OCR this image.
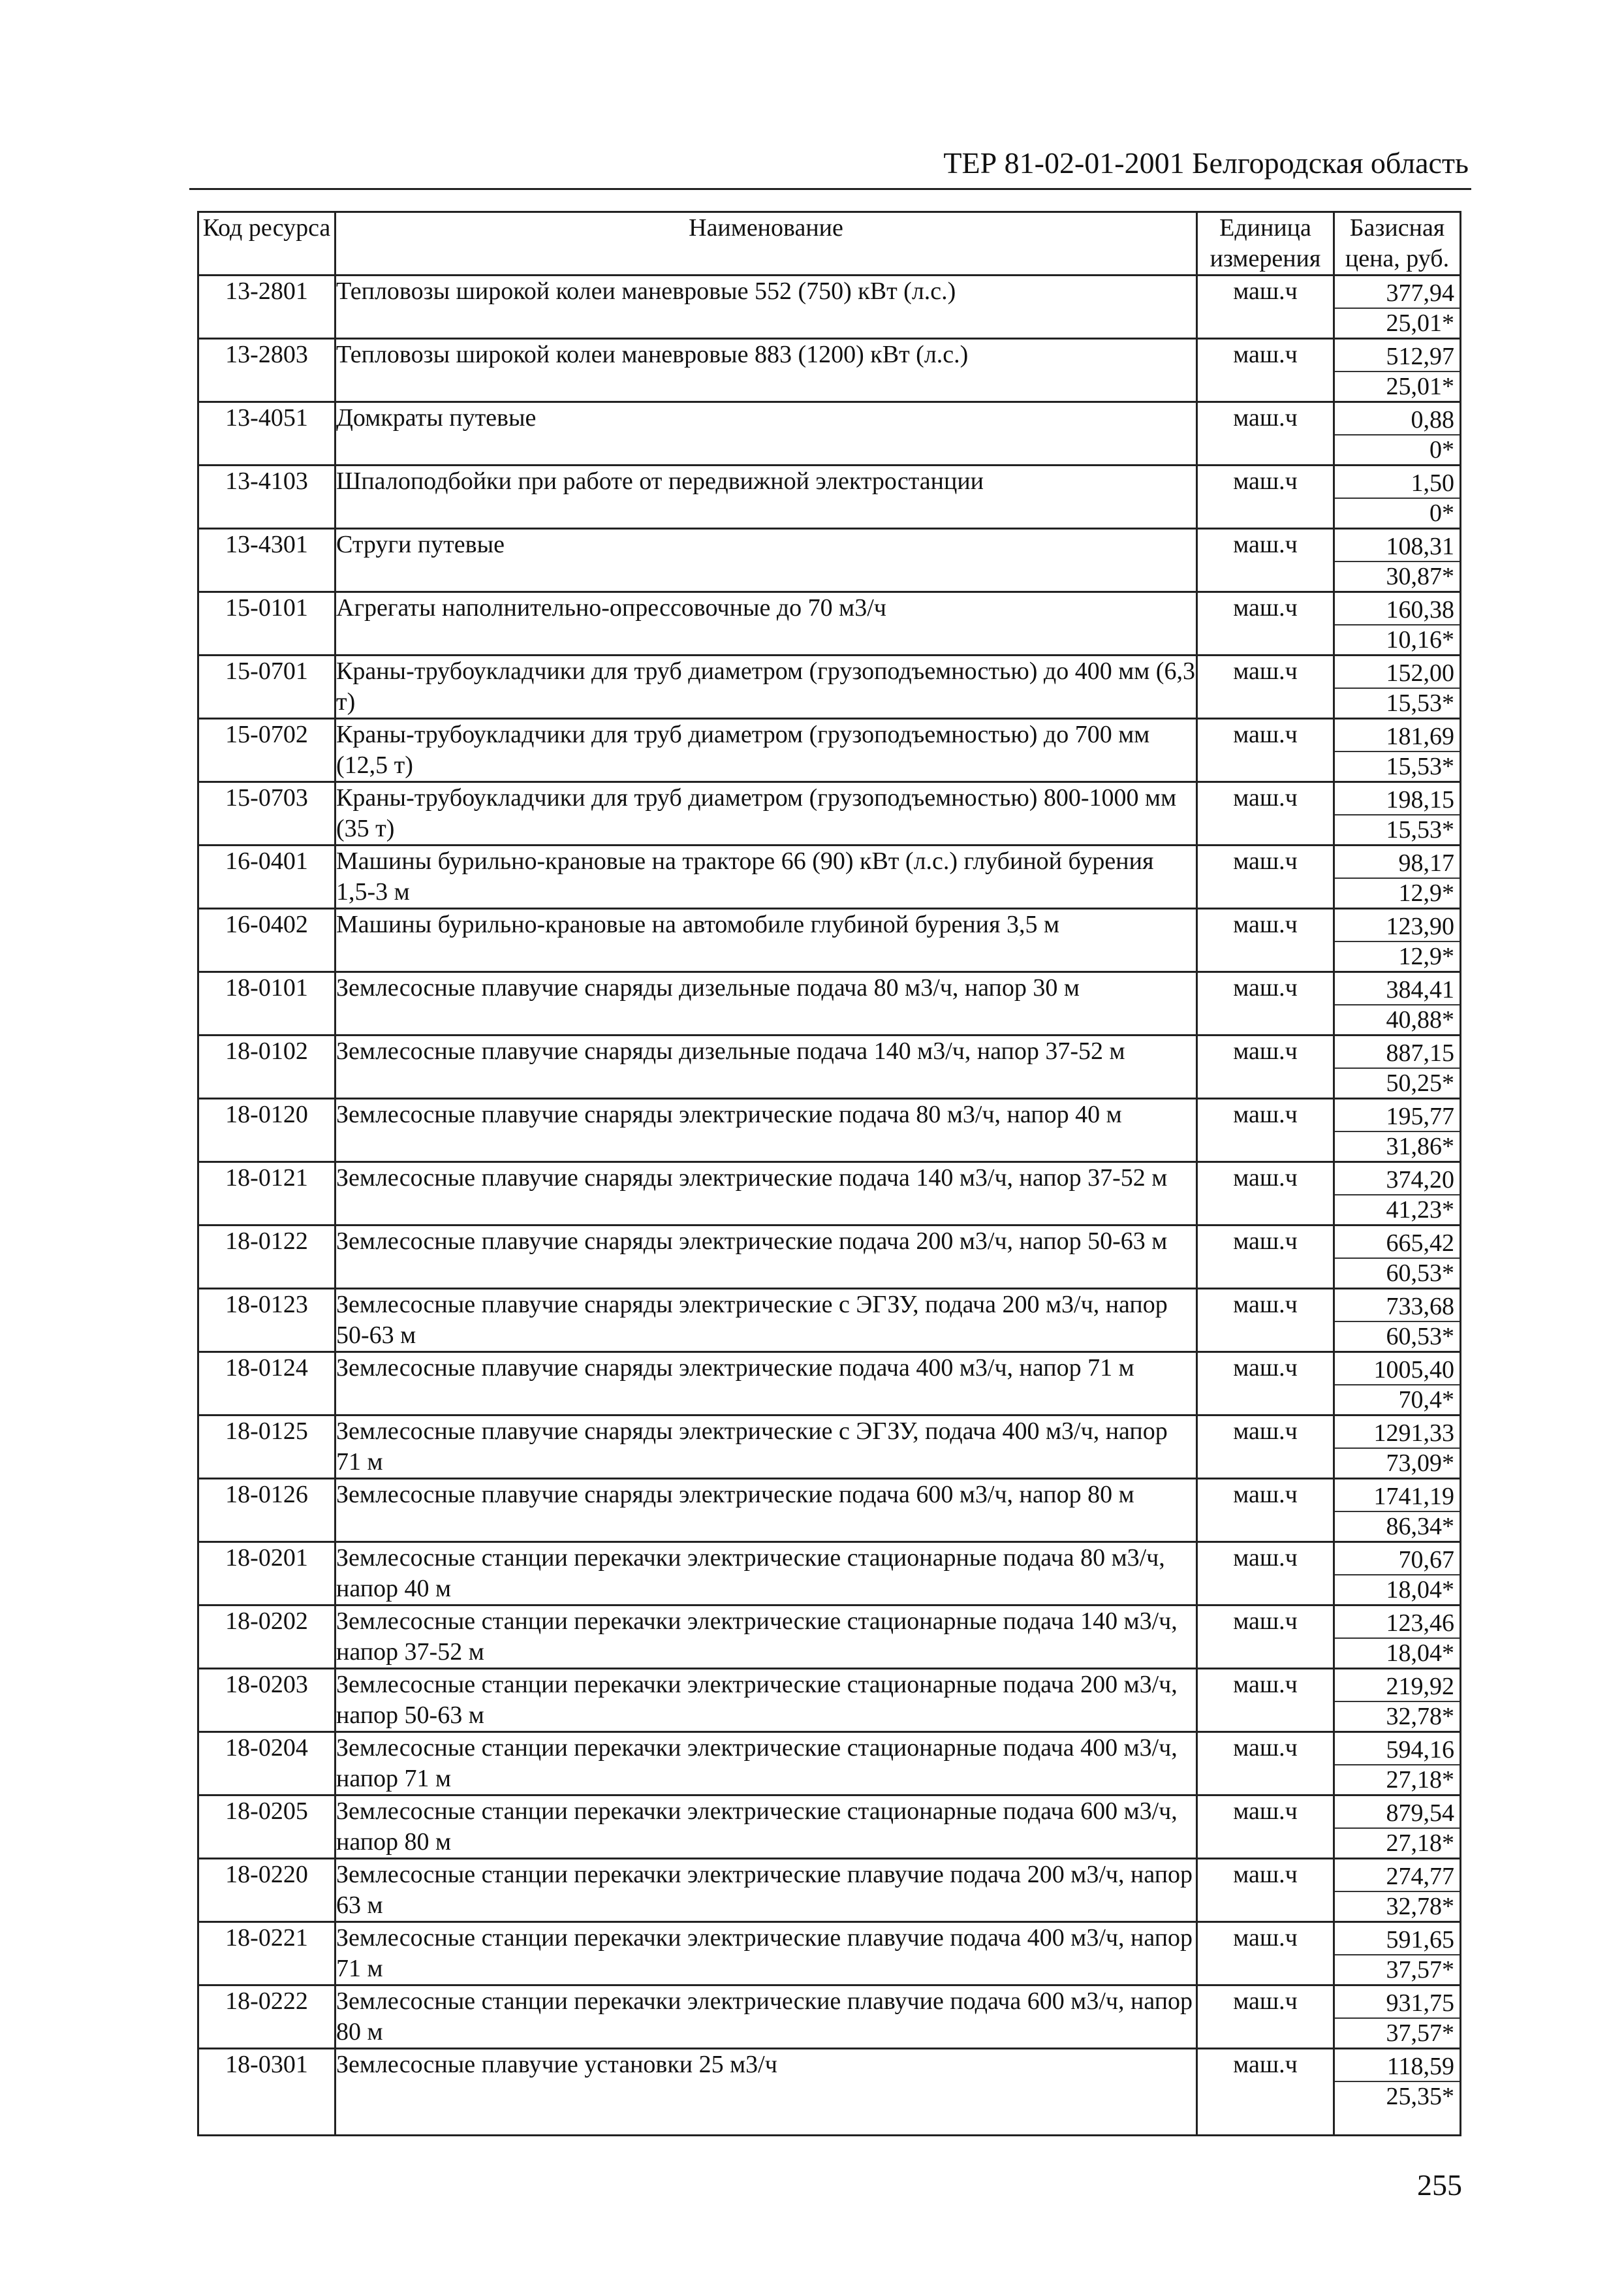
ТЕР 81-02-01-2001 Белгородская область
Код ресурса	Наименование	Единица измерения	Базисная цена, руб.
13-2801	Тепловозы широкой колеи маневровые 552 (750) кВт (л.с.)	маш.ч	377,94
25,01*

13-2803	Тепловозы широкой колеи маневровые 883 (1200) кВт (л.с.)	маш.ч	512,97
25,01*

13-4051	Домкраты путевые	маш.ч	0,88
0*

13-4103	Шпалоподбойки при работе от передвижной электростанции	маш.ч	1,50
0*

13-4301	Струги путевые	маш.ч	108,31
30,87*

15-0101	Агрегаты наполнительно-опрессовочные до 70 м3/ч	маш.ч	160,38
10,16*

15-0701	Краны-трубоукладчики для труб диаметром (грузоподъемностью) до 400 мм (6,3 т)	маш.ч	152,00
15,53*

15-0702	Краны-трубоукладчики для труб диаметром (грузоподъемностью) до 700 мм (12,5 т)	маш.ч	181,69
15,53*

15-0703	Краны-трубоукладчики для труб диаметром (грузоподъемностью) 800-1000 мм (35 т)	маш.ч	198,15
15,53*

16-0401	Машины бурильно-крановые на тракторе 66 (90) кВт (л.с.) глубиной бурения 1,5-3 м	маш.ч	98,17
12,9*

16-0402	Машины бурильно-крановые на автомобиле глубиной бурения 3,5 м	маш.ч	123,90
12,9*

18-0101	Землесосные плавучие снаряды дизельные подача 80 м3/ч, напор 30 м	маш.ч	384,41
40,88*

18-0102	Землесосные плавучие снаряды дизельные подача 140 м3/ч, напор 37-52 м	маш.ч	887,15
50,25*

18-0120	Землесосные плавучие снаряды электрические подача 80 м3/ч, напор 40 м	маш.ч	195,77
31,86*

18-0121	Землесосные плавучие снаряды электрические подача 140 м3/ч, напор 37-52 м	маш.ч	374,20
41,23*

18-0122	Землесосные плавучие снаряды электрические подача 200 м3/ч, напор 50-63 м	маш.ч	665,42
60,53*

18-0123	Землесосные плавучие снаряды электрические с ЭГЗУ, подача 200 м3/ч, напор 50-63 м	маш.ч	733,68
60,53*

18-0124	Землесосные плавучие снаряды электрические подача 400 м3/ч, напор 71 м	маш.ч	1005,40
70,4*

18-0125	Землесосные плавучие снаряды электрические с ЭГЗУ, подача 400 м3/ч, напор 71 м	маш.ч	1291,33
73,09*

18-0126	Землесосные плавучие снаряды электрические подача 600 м3/ч, напор 80 м	маш.ч	1741,19
86,34*

18-0201	Землесосные станции перекачки электрические стационарные подача 80 м3/ч, напор 40 м	маш.ч	70,67
18,04*

18-0202	Землесосные станции перекачки электрические стационарные подача 140 м3/ч, напор 37-52 м	маш.ч	123,46
18,04*

18-0203	Землесосные станции перекачки электрические стационарные подача 200 м3/ч, напор 50-63 м	маш.ч	219,92
32,78*

18-0204	Землесосные станции перекачки электрические стационарные подача 400 м3/ч, напор 71 м	маш.ч	594,16
27,18*

18-0205	Землесосные станции перекачки электрические стационарные подача 600 м3/ч, напор 80 м	маш.ч	879,54
27,18*

18-0220	Землесосные станции перекачки электрические плавучие подача 200 м3/ч, напор 63 м	маш.ч	274,77
32,78*

18-0221	Землесосные станции перекачки электрические плавучие подача 400 м3/ч, напор 71 м	маш.ч	591,65
37,57*

18-0222	Землесосные станции перекачки электрические плавучие подача 600 м3/ч, напор 80 м	маш.ч	931,75
37,57*

18-0301	Землесосные плавучие установки 25 м3/ч	маш.ч	118,59
25,35*
255
